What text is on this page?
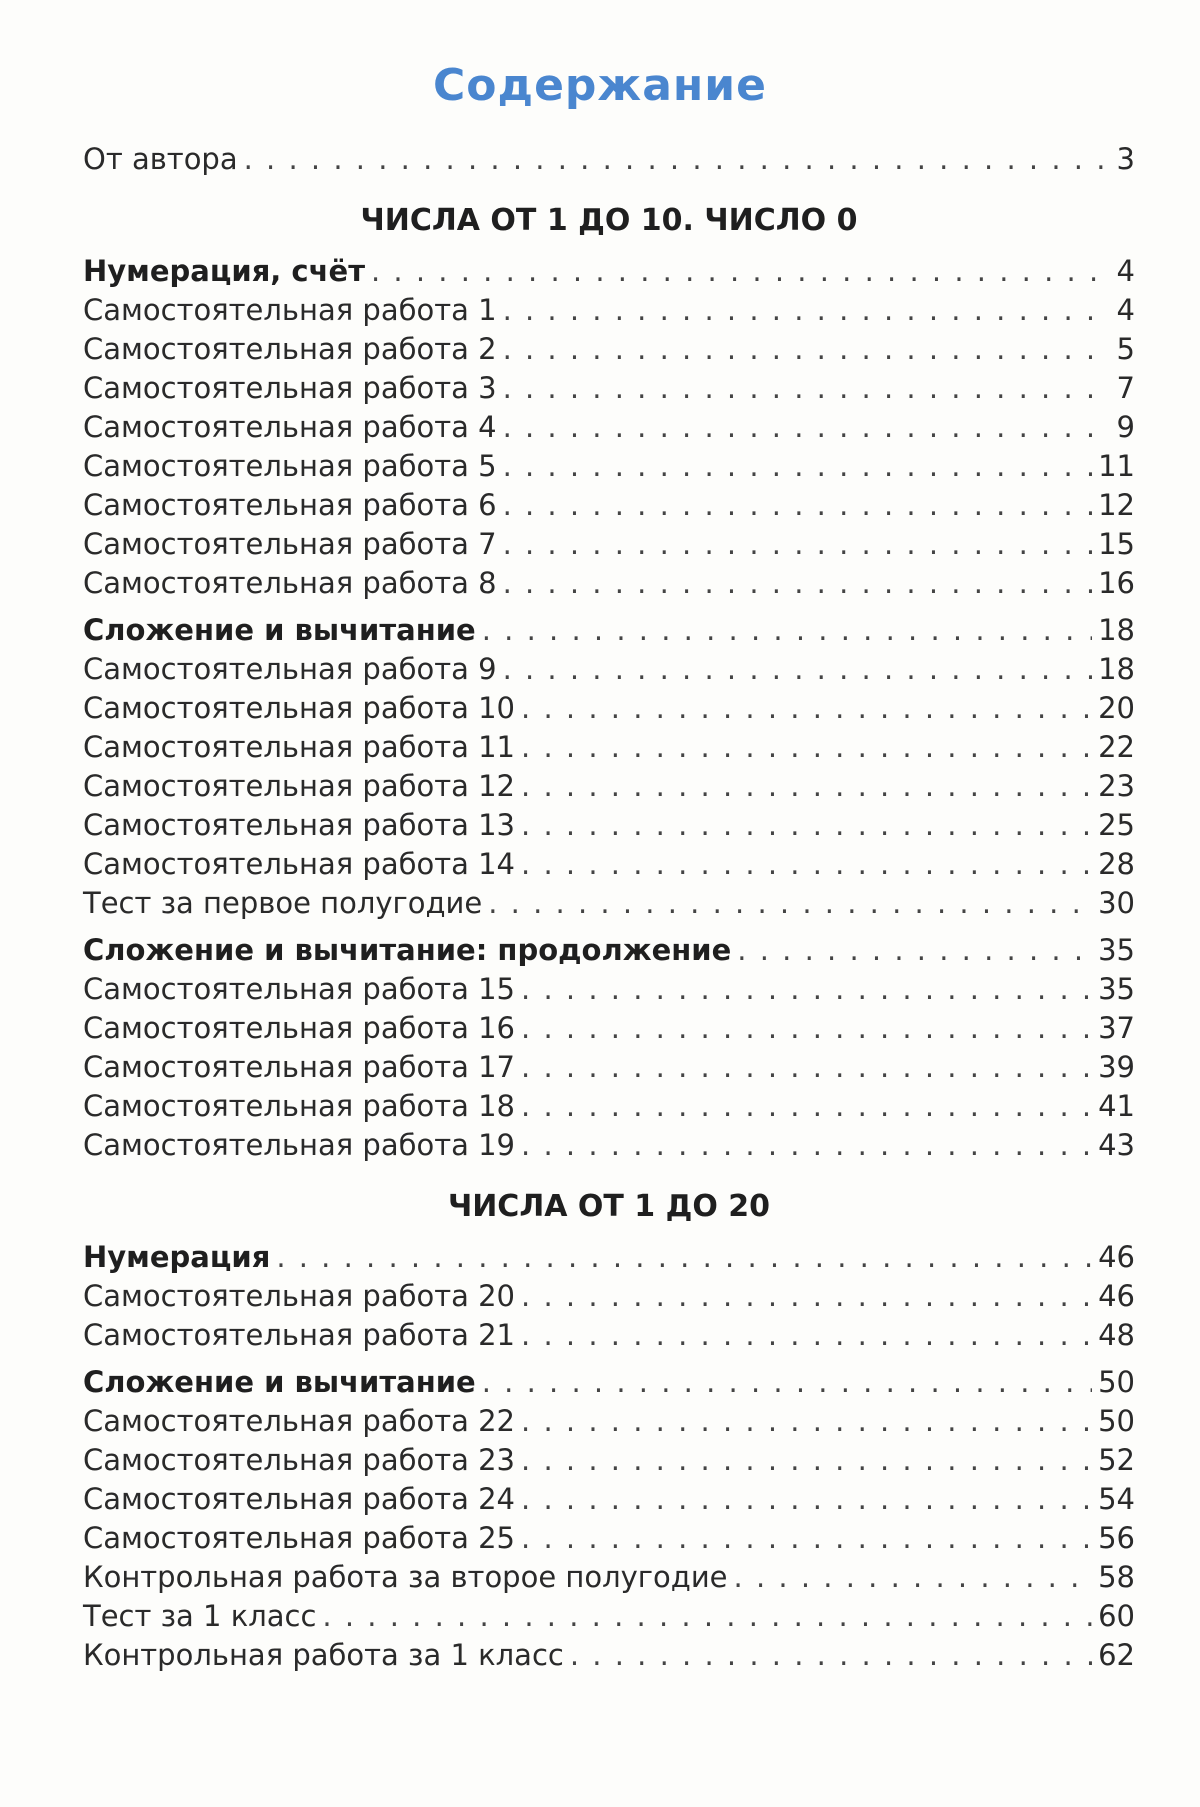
Содержание
От автора . . .	3
ЧИСЛА ОТ 1 ДО 10. ЧИСЛО 0
Нумерация, счёт . . .	4
Самостоятельная работа 1 . . .	4
Самостоятельная работа 2 . . .	5
Самостоятельная работа 3 . . .	7
Самостоятельная работа 4 . . .	9
Самостоятельная работа 5 . . .	11
Самостоятельная работа 6 . . .	12
Самостоятельная работа 7 . . .	15
Самостоятельная работа 8 . . .	16
Сложение и вычитание . . .	18
Самостоятельная работа 9 . . .	18
Самостоятельная работа 10 . . .	20
Самостоятельная работа 11 . . .	22
Самостоятельная работа 12 . . .	23
Самостоятельная работа 13 . . .	25
Самостоятельная работа 14 . . .	28
Тест за первое полугодие . . .	30
Сложение и вычитание: продолжение . . .	35
Самостоятельная работа 15 . . .	35
Самостоятельная работа 16 . . .	37
Самостоятельная работа 17 . . .	39
Самостоятельная работа 18 . . .	41
Самостоятельная работа 19 . . .	43
ЧИСЛА ОТ 1 ДО 20
Нумерация . . .	46
Самостоятельная работа 20 . . .	46
Самостоятельная работа 21 . . .	48
Сложение и вычитание . . .	50
Самостоятельная работа 22 . . .	50
Самостоятельная работа 23 . . .	52
Самостоятельная работа 24 . . .	54
Самостоятельная работа 25 . . .	56
Контрольная работа за второе полугодие . . .	58
Тест за 1 класс . . .	60
Контрольная работа за 1 класс . . .	62
